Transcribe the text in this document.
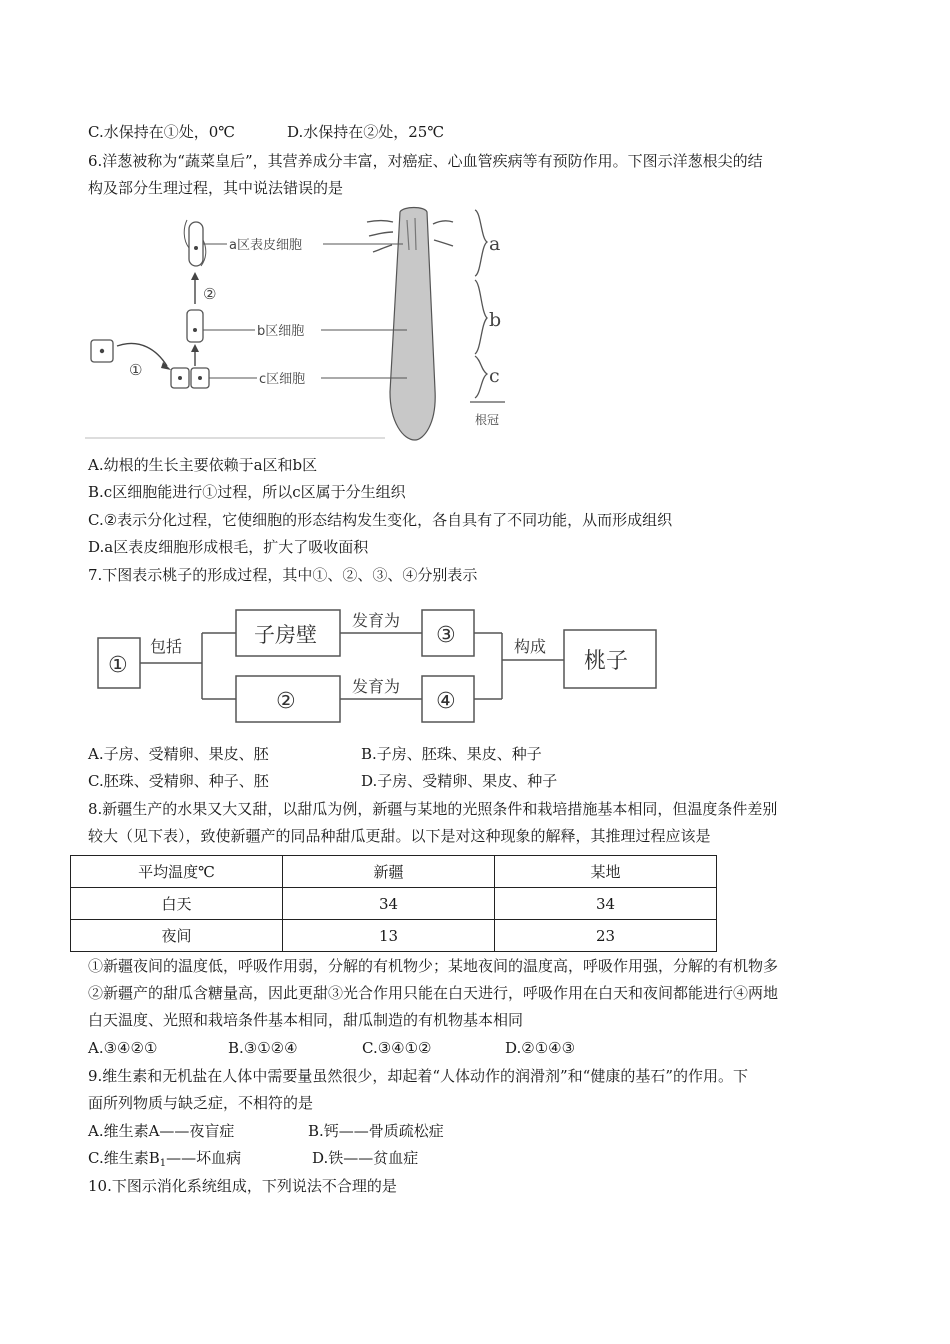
C.水保持在①处，0℃	D.水保持在②处，25℃
6.洋葱被称为“蔬菜皇后”，其营养成分丰富，对癌症、心血管疾病等有预防作用。下图示洋葱根尖的结
构及部分生理过程，其中说法错误的是
a
b
c
根冠
①
②
a区表皮细胞
b区细胞
c区细胞
A.幼根的生长主要依赖于a区和b区
B.c区细胞能进行①过程，所以c区属于分生组织
C.②表示分化过程，它使细胞的形态结构发生变化，各自具有了不同功能，从而形成组织
D.a区表皮细胞形成根毛，扩大了吸收面积
7.下图表示桃子的形成过程，其中①、②、③、④分别表示
①
包括	子房壁
发育为
③
②
发育为
④
构成
桃子
A.子房、受精卵、果皮、胚	B.子房、胚珠、果皮、种子
C.胚珠、受精卵、种子、胚	D.子房、受精卵、果皮、种子
8.新疆生产的水果又大又甜，以甜瓜为例，新疆与某地的光照条件和栽培措施基本相同，但温度条件差别
较大（见下表），致使新疆产的同品种甜瓜更甜。以下是对这种现象的解释，其推理过程应该是
平均温度℃	新疆	某地
白天	34	34
夜间	13	23
①新疆夜间的温度低，呼吸作用弱，分解的有机物少；某地夜间的温度高，呼吸作用强，分解的有机物多
②新疆产的甜瓜含糖量高，因此更甜③光合作用只能在白天进行，呼吸作用在白天和夜间都能进行④两地
白天温度、光照和栽培条件基本相同，甜瓜制造的有机物基本相同
A.③④②①	B.③①②④	C.③④①②	D.②①④③
9.维生素和无机盐在人体中需要量虽然很少，却起着“人体动作的润滑剂”和“健康的基石”的作用。下
面所列物质与缺乏症，不相符的是
A.维生素A——夜盲症	B.钙——骨质疏松症
C.维生素$B_1——$坏血病	D.铁——贫血症
10.下图示消化系统组成，下列说法不合理的是
